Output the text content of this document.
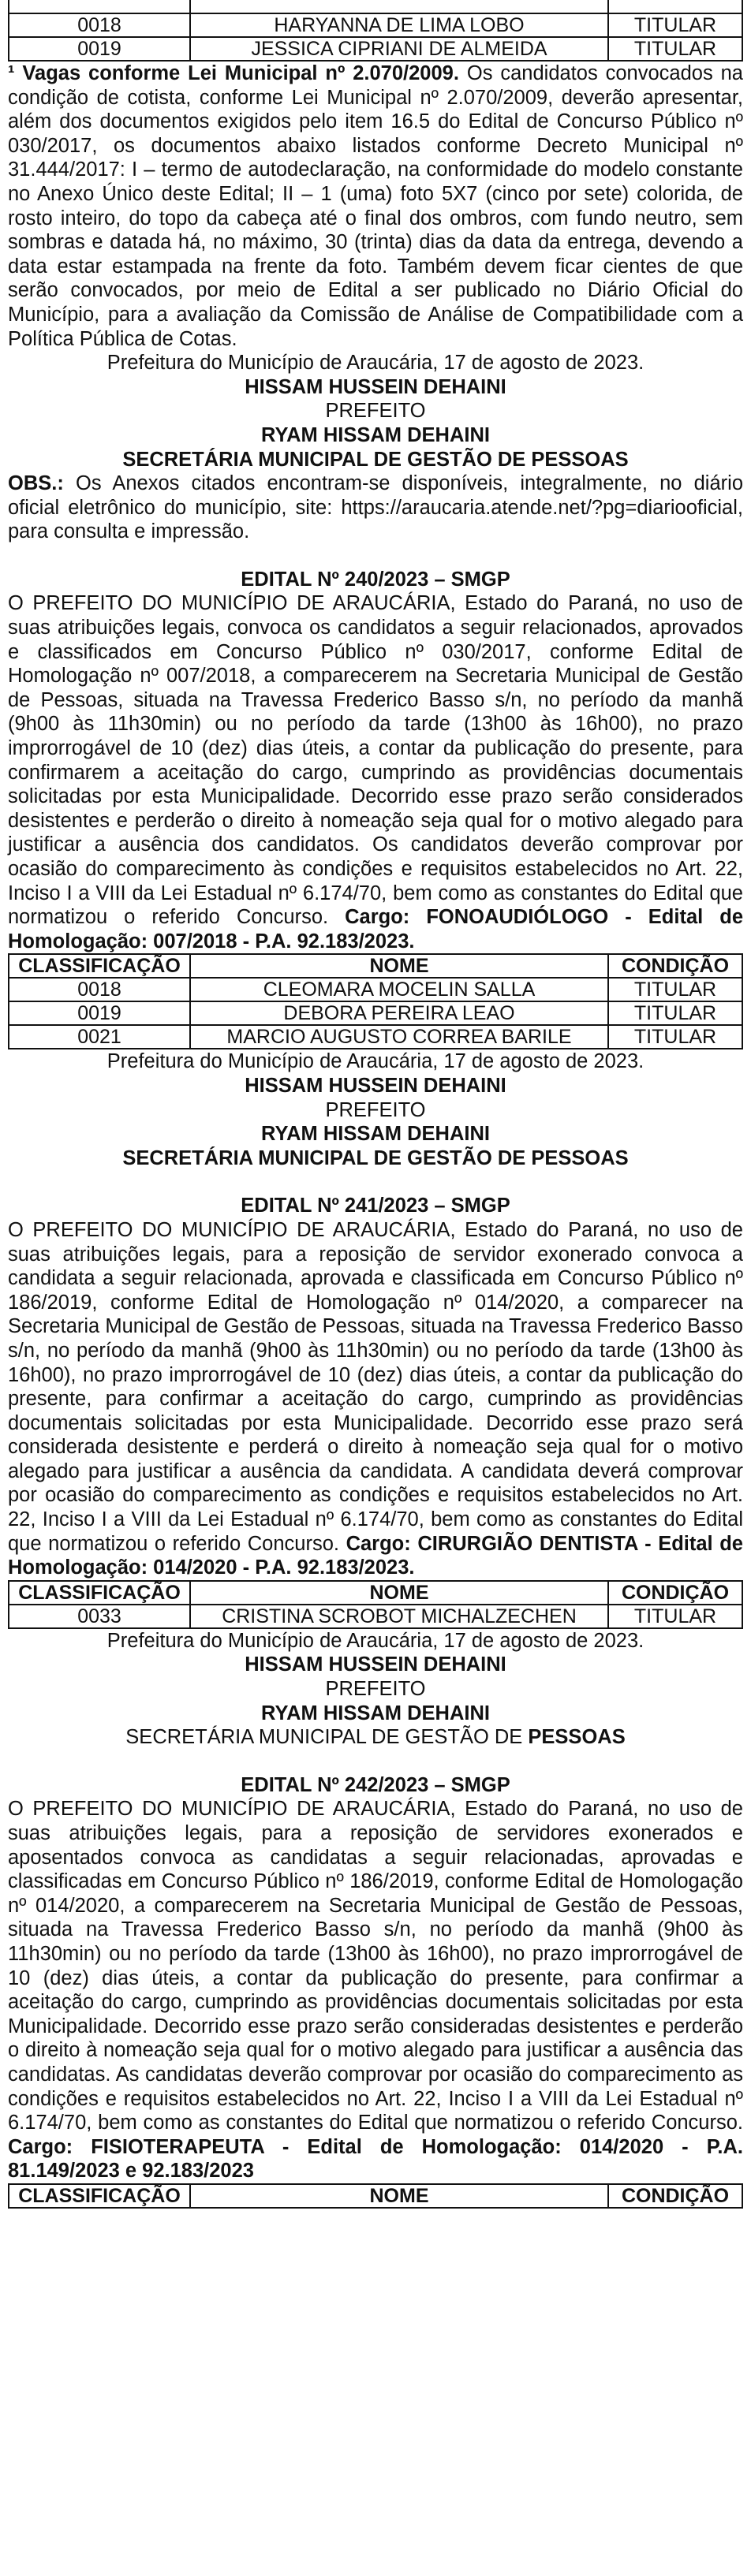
0018	HARYANNA DE LIMA LOBO	TITULAR
0019	JESSICA CIPRIANI DE ALMEIDA	TITULAR

¹ Vagas conforme Lei Municipal nº 2.070/2009. Os candidatos convocados na condição de cotista, conforme Lei Municipal nº 2.070/2009, deverão apresentar, além dos documentos exigidos pelo item 16.5 do Edital de Concurso Público nº 030/2017, os documentos abaixo listados conforme Decreto Municipal nº 31.444/2017: I – termo de autodeclaração, na conformidade do modelo constante no Anexo Único deste Edital; II – 1 (uma) foto 5X7 (cinco por sete) colorida, de rosto inteiro, do topo da cabeça até o final dos ombros, com fundo neutro, sem sombras e datada há, no máximo, 30 (trinta) dias da data da entrega, devendo a data estar estampada na frente da foto. Também devem ficar cientes de que serão convocados, por meio de Edital a ser publicado no Diário Oficial do Município, para a avaliação da Comissão de Análise de Compatibilidade com a Política Pública de Cotas.

Prefeitura do Município de Araucária, 17 de agosto de 2023.

HISSAM HUSSEIN DEHAINI

PREFEITO

RYAM HISSAM DEHAINI

SECRETÁRIA MUNICIPAL DE GESTÃO DE PESSOAS

OBS.: Os Anexos citados encontram-se disponíveis, integralmente, no diário oficial eletrônico do município, site: https://araucaria.atende.net/?pg=diariooficial, para consulta e impressão.

EDITAL Nº 240/2023 – SMGP

O PREFEITO DO MUNICÍPIO DE ARAUCÁRIA, Estado do Paraná, no uso de suas atribuições legais, convoca os candidatos a seguir relacionados, aprovados e classificados em Concurso Público nº 030/2017, conforme Edital de Homologação nº 007/2018, a comparecerem na Secretaria Municipal de Gestão de Pessoas, situada na Travessa Frederico Basso s/n, no período da manhã (9h00 às 11h30min) ou no período da tarde (13h00 às 16h00), no prazo improrrogável de 10 (dez) dias úteis, a contar da publicação do presente, para confirmarem a aceitação do cargo, cumprindo as providências documentais solicitadas por esta Municipalidade. Decorrido esse prazo serão considerados desistentes e perderão o direito à nomeação seja qual for o motivo alegado para justificar a ausência dos candidatos. Os candidatos deverão comprovar por ocasião do comparecimento às condições e requisitos estabelecidos no Art. 22, Inciso I a VIII da Lei Estadual nº 6.174/70, bem como as constantes do Edital que normatizou o referido Concurso. Cargo: FONOAUDIÓLOGO - Edital de Homologação: 007/2018 - P.A. 92.183/2023.

CLASSIFICAÇÃO	NOME	CONDIÇÃO
0018	CLEOMARA MOCELIN SALLA	TITULAR
0019	DEBORA PEREIRA LEAO	TITULAR
0021	MARCIO AUGUSTO CORREA BARILE	TITULAR

Prefeitura do Município de Araucária, 17 de agosto de 2023.

HISSAM HUSSEIN DEHAINI

PREFEITO

RYAM HISSAM DEHAINI

SECRETÁRIA MUNICIPAL DE GESTÃO DE PESSOAS

EDITAL Nº 241/2023 – SMGP

O PREFEITO DO MUNICÍPIO DE ARAUCÁRIA, Estado do Paraná, no uso de suas atribuições legais, para a reposição de servidor exonerado convoca a candidata a seguir relacionada, aprovada e classificada em Concurso Público nº 186/2019, conforme Edital de Homologação nº 014/2020, a comparecer na Secretaria Municipal de Gestão de Pessoas, situada na Travessa Frederico Basso s/n, no período da manhã (9h00 às 11h30min) ou no período da tarde (13h00 às 16h00), no prazo improrrogável de 10 (dez) dias úteis, a contar da publicação do presente, para confirmar a aceitação do cargo, cumprindo as providências documentais solicitadas por esta Municipalidade. Decorrido esse prazo será considerada desistente e perderá o direito à nomeação seja qual for o motivo alegado para justificar a ausência da candidata. A candidata deverá comprovar por ocasião do comparecimento as condições e requisitos estabelecidos no Art. 22, Inciso I a VIII da Lei Estadual nº 6.174/70, bem como as constantes do Edital que normatizou o referido Concurso. Cargo: CIRURGIÃO DENTISTA - Edital de Homologação: 014/2020 - P.A. 92.183/2023.

CLASSIFICAÇÃO	NOME	CONDIÇÃO
0033	CRISTINA SCROBOT MICHALZECHEN	TITULAR

Prefeitura do Município de Araucária, 17 de agosto de 2023.

HISSAM HUSSEIN DEHAINI

PREFEITO

RYAM HISSAM DEHAINI

SECRETÁRIA MUNICIPAL DE GESTÃO DE PESSOAS

EDITAL Nº 242/2023 – SMGP

O PREFEITO DO MUNICÍPIO DE ARAUCÁRIA, Estado do Paraná, no uso de suas atribuições legais, para a reposição de servidores exonerados e aposentados convoca as candidatas a seguir relacionadas, aprovadas e classificadas em Concurso Público nº 186/2019, conforme Edital de Homologação nº 014/2020, a comparecerem na Secretaria Municipal de Gestão de Pessoas, situada na Travessa Frederico Basso s/n, no período da manhã (9h00 às 11h30min) ou no período da tarde (13h00 às 16h00), no prazo improrrogável de 10 (dez) dias úteis, a contar da publicação do presente, para confirmar a aceitação do cargo, cumprindo as providências documentais solicitadas por esta Municipalidade. Decorrido esse prazo serão consideradas desistentes e perderão o direito à nomeação seja qual for o motivo alegado para justificar a ausência das candidatas. As candidatas deverão comprovar por ocasião do comparecimento as condições e requisitos estabelecidos no Art. 22, Inciso I a VIII da Lei Estadual nº 6.174/70, bem como as constantes do Edital que normatizou o referido Concurso. Cargo: FISIOTERAPEUTA - Edital de Homologação: 014/2020 - P.A. 81.149/2023 e 92.183/2023

CLASSIFICAÇÃO	NOME	CONDIÇÃO
